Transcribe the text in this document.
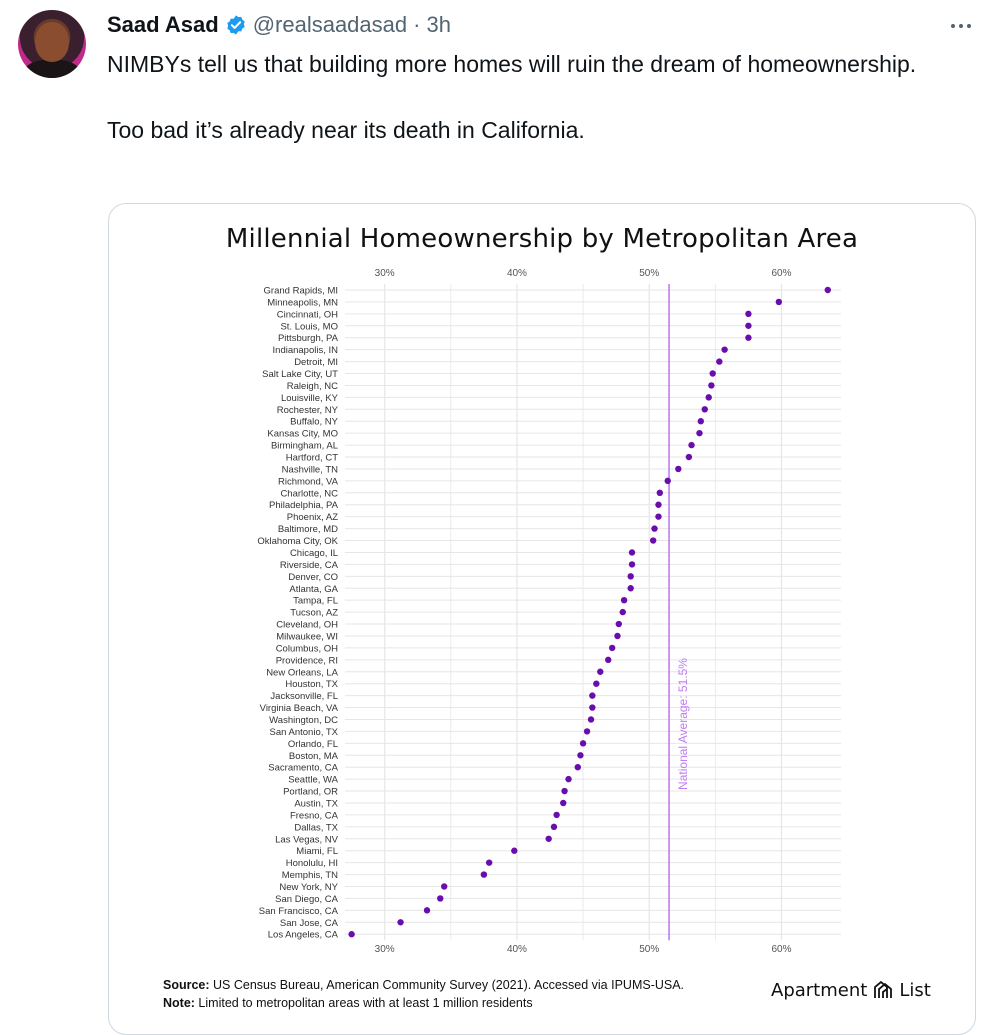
Saad Asad @realsaadasad · 3h

NIMBYs tell us that building more homes will ruin the dream of homeownership.

Too bad it’s already near its death in California.

Millennial Homeownership by Metropolitan Area
30%
30%
40%
40%
50%
50%
60%
60%
National Average: 51.5%
Grand Rapids, MI
Minneapolis, MN
Cincinnati, OH
St. Louis, MO
Pittsburgh, PA
Indianapolis, IN
Detroit, MI
Salt Lake City, UT
Raleigh, NC
Louisville, KY
Rochester, NY
Buffalo, NY
Kansas City, MO
Birmingham, AL
Hartford, CT
Nashville, TN
Richmond, VA
Charlotte, NC
Philadelphia, PA
Phoenix, AZ
Baltimore, MD
Oklahoma City, OK
Chicago, IL
Riverside, CA
Denver, CO
Atlanta, GA
Tampa, FL
Tucson, AZ
Cleveland, OH
Milwaukee, WI
Columbus, OH
Providence, RI
New Orleans, LA
Houston, TX
Jacksonville, FL
Virginia Beach, VA
Washington, DC
San Antonio, TX
Orlando, FL
Boston, MA
Sacramento, CA
Seattle, WA
Portland, OR
Austin, TX
Fresno, CA
Dallas, TX
Las Vegas, NV
Miami, FL
Honolulu, HI
Memphis, TN
New York, NY
San Diego, CA
San Francisco, CA
San Jose, CA
Los Angeles, CA
Source: US Census Bureau, American Community Survey (2021). Accessed via IPUMS-USA.
Note: Limited to metropolitan areas with at least 1 million residents
Apartment List
